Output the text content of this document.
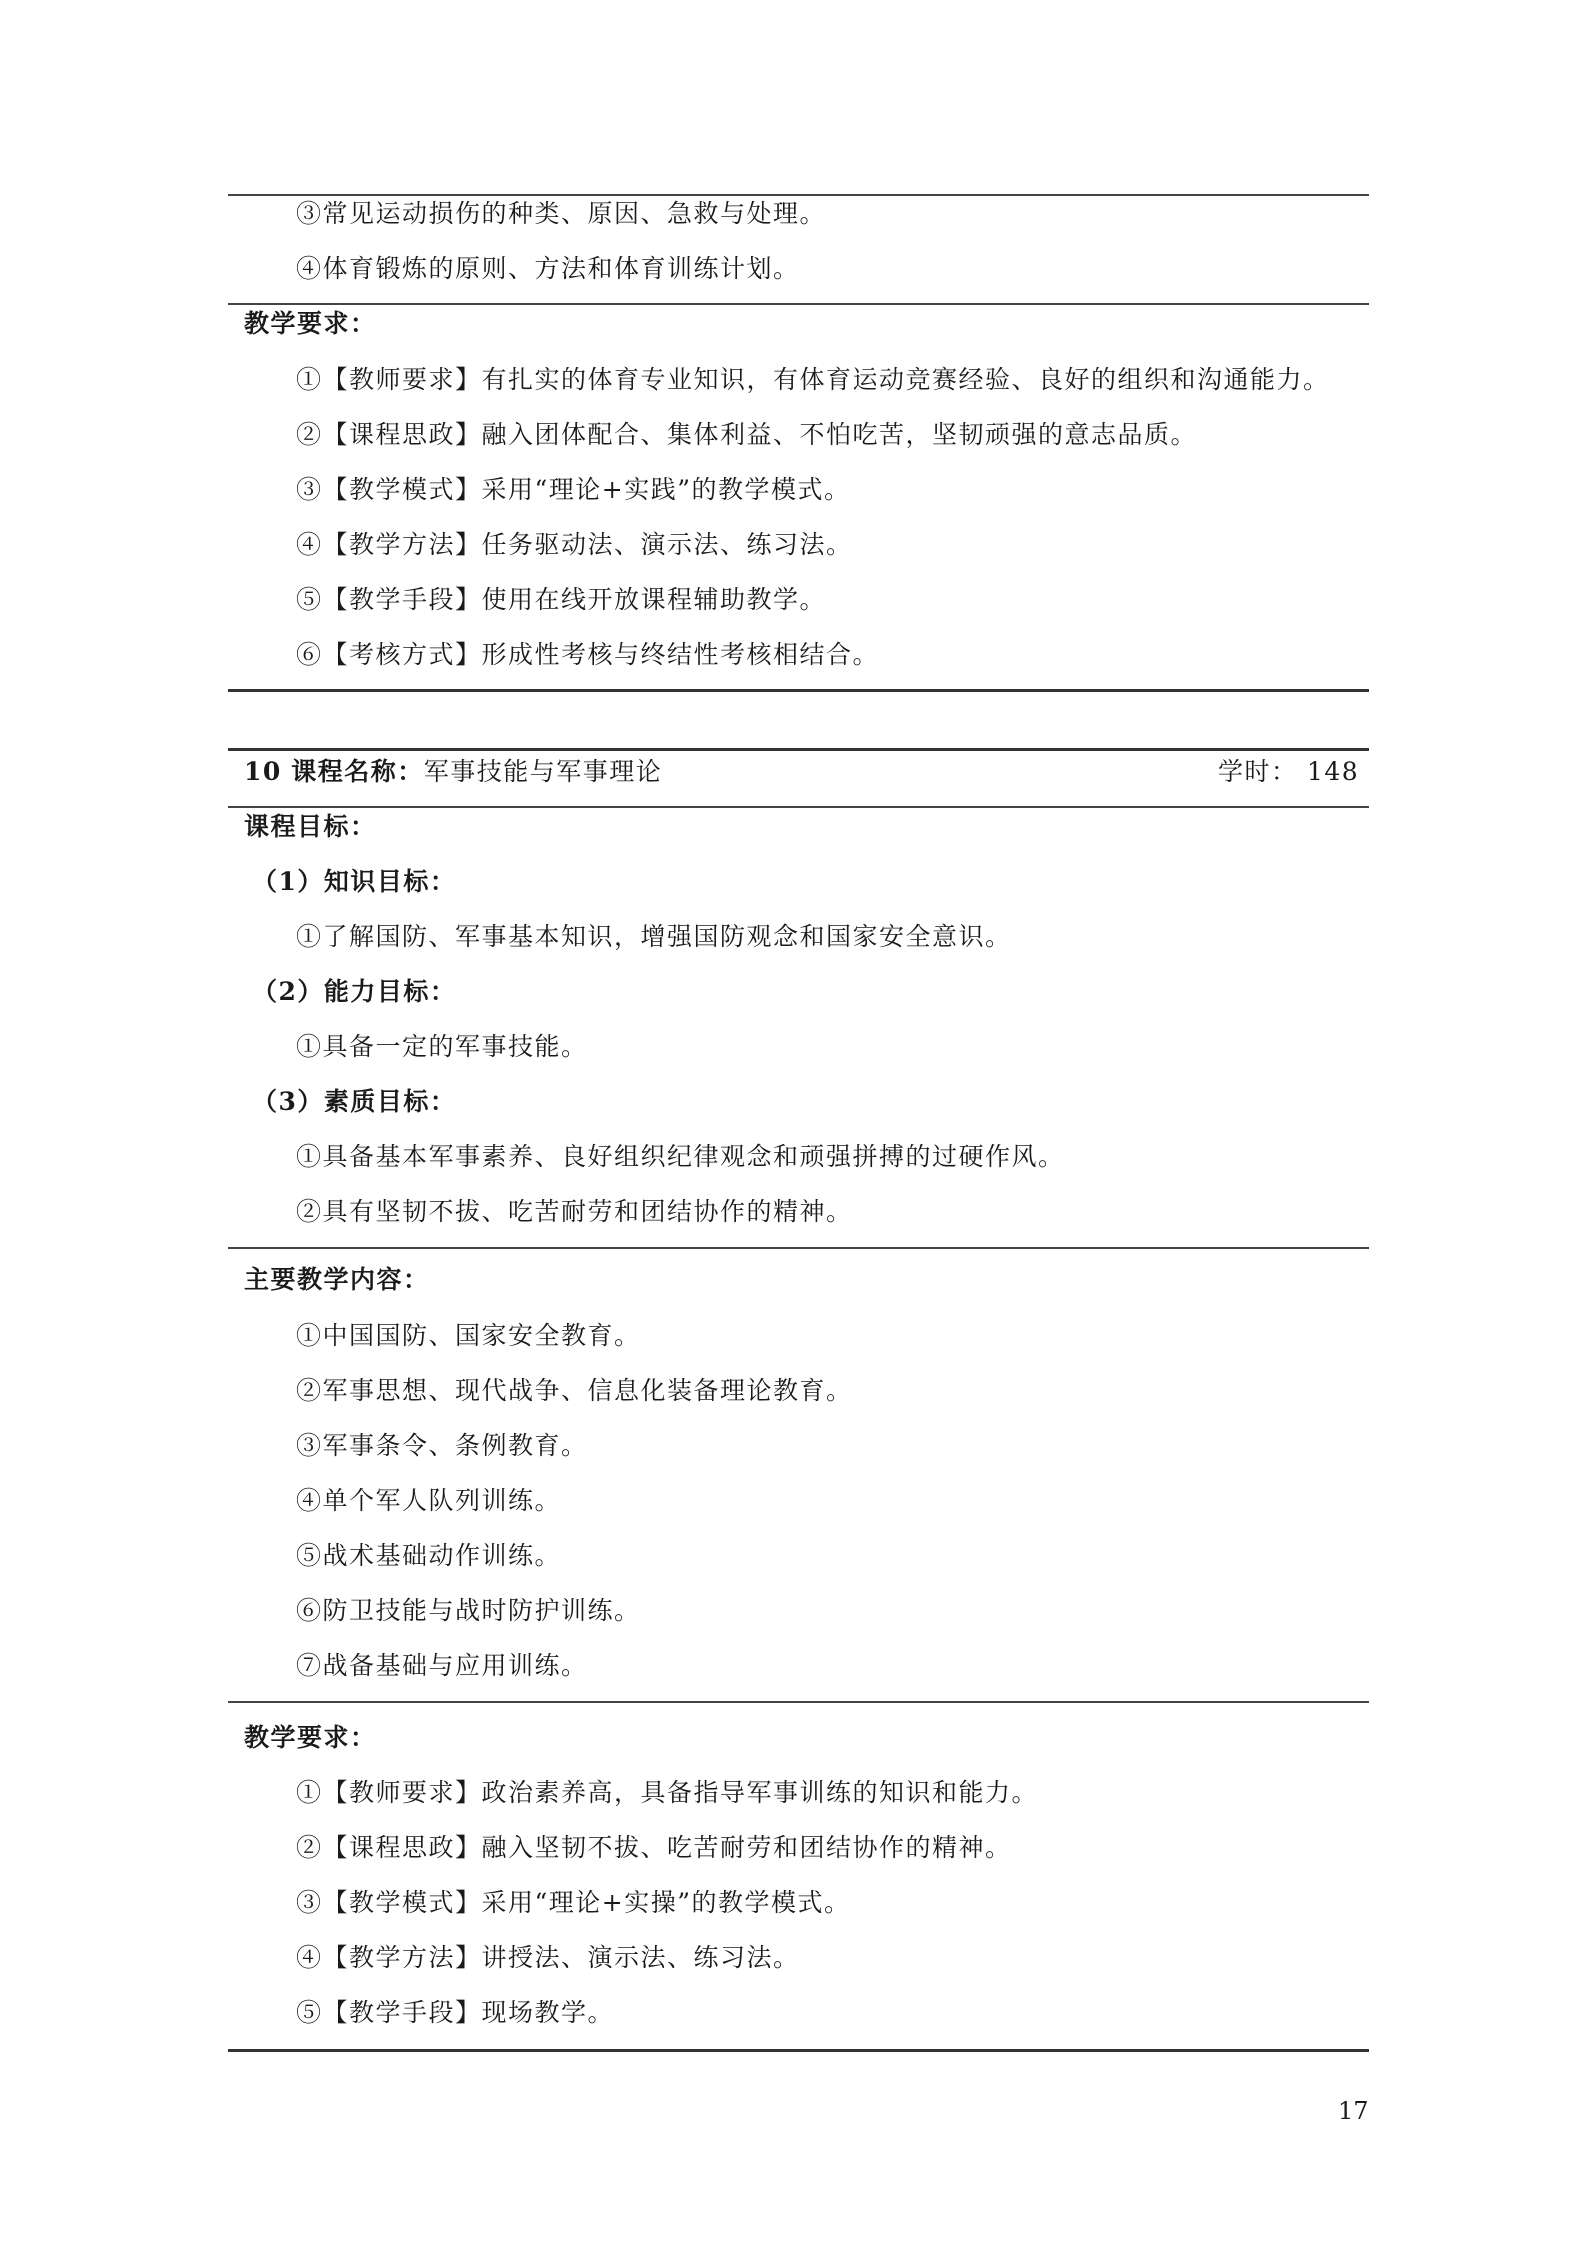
③常见运动损伤的种类、原因、急救与处理。
④体育锻炼的原则、方法和体育训练计划。
教学要求：
①【教师要求】有扎实的体育专业知识，有体育运动竞赛经验、良好的组织和沟通能力。
②【课程思政】融入团体配合、集体利益、不怕吃苦，坚韧顽强的意志品质。
③【教学模式】采用“理论+实践”的教学模式。
④【教学方法】任务驱动法、演示法、练习法。
⑤【教学手段】使用在线开放课程辅助教学。
⑥【考核方式】形成性考核与终结性考核相结合。
10 课程名称：军事技能与军事理论	学时： 148
课程目标：
（1）知识目标：
①了解国防、军事基本知识，增强国防观念和国家安全意识。
（2）能力目标：
①具备一定的军事技能。
（3）素质目标：
①具备基本军事素养、良好组织纪律观念和顽强拼搏的过硬作风。
②具有坚韧不拔、吃苦耐劳和团结协作的精神。
主要教学内容：
①中国国防、国家安全教育。
②军事思想、现代战争、信息化装备理论教育。
③军事条令、条例教育。
④单个军人队列训练。
⑤战术基础动作训练。
⑥防卫技能与战时防护训练。
⑦战备基础与应用训练。
教学要求：
①【教师要求】政治素养高，具备指导军事训练的知识和能力。
②【课程思政】融入坚韧不拔、吃苦耐劳和团结协作的精神。
③【教学模式】采用“理论+实操”的教学模式。
④【教学方法】讲授法、演示法、练习法。
⑤【教学手段】现场教学。
17
